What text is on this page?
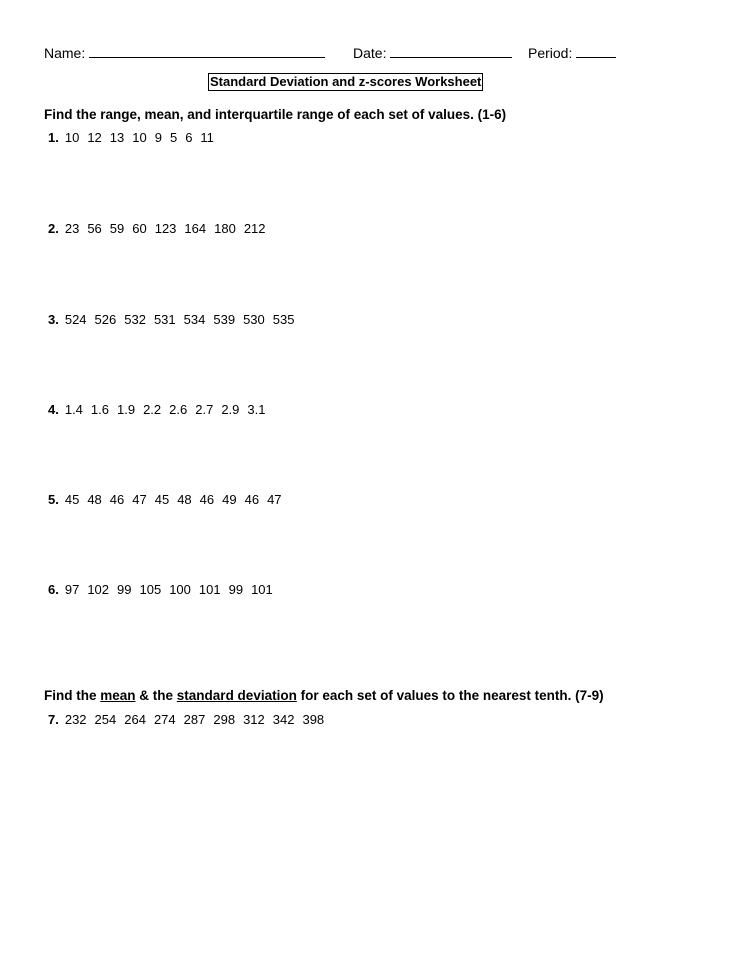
Name:	Date:	Period:
Standard Deviation and z-scores Worksheet
Find the range, mean, and interquartile range of each set of values. (1-6)
1. 10 12 13 10 9 5 6 11
2. 23 56 59 60 123 164 180 212
3. 524 526 532 531 534 539 530 535
4. 1.4 1.6 1.9 2.2 2.6 2.7 2.9 3.1
5. 45 48 46 47 45 48 46 49 46 47
6. 97 102 99 105 100 101 99 101
Find the mean & the standard deviation for each set of values to the nearest tenth. (7-9)
7. 232 254 264 274 287 298 312 342 398
